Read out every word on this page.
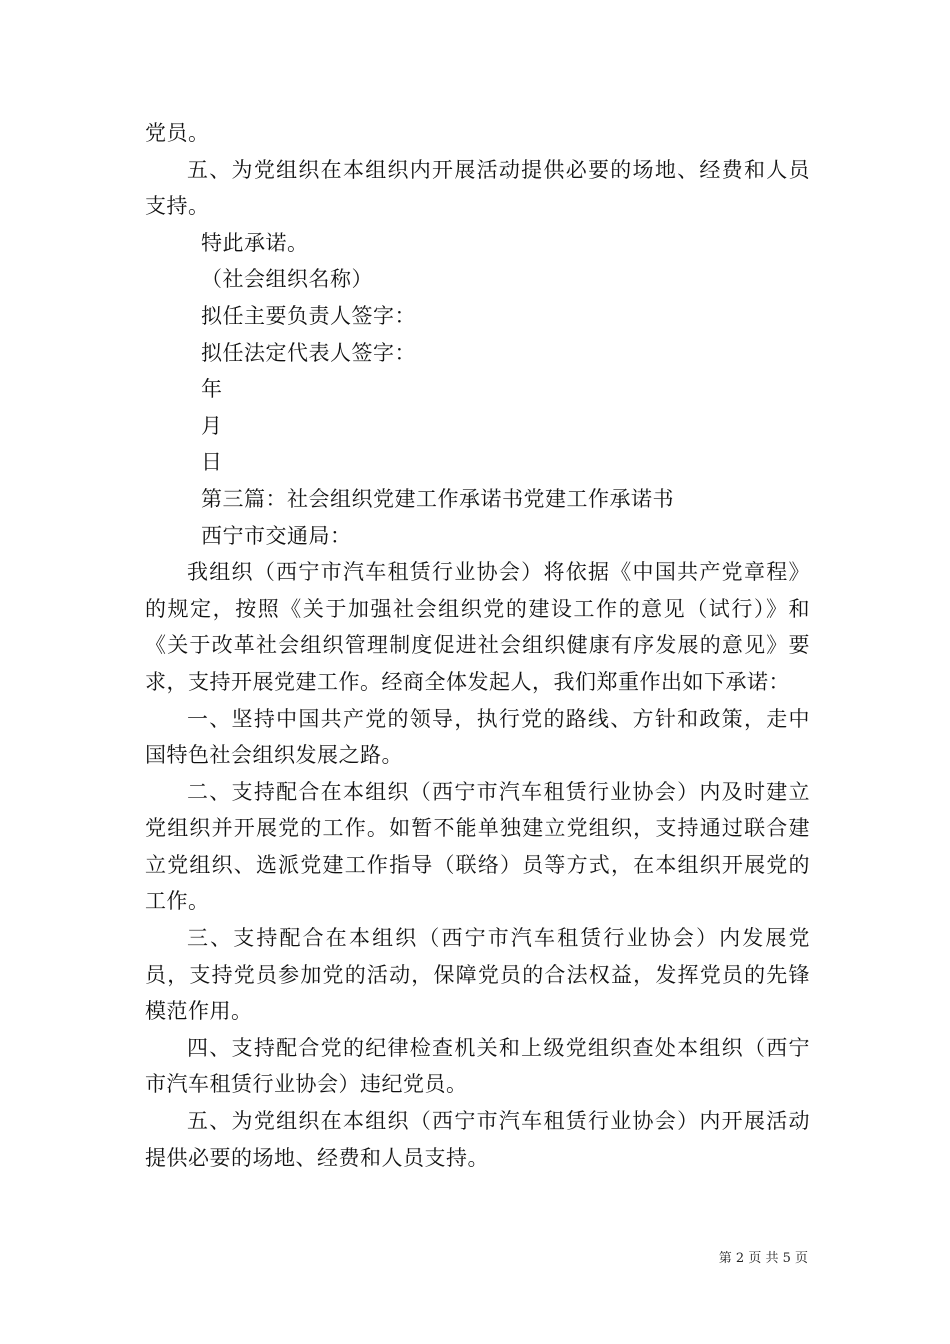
党员。

五、为党组织在本组织内开展活动提供必要的场地、经费和人员支持。

特此承诺。

（社会组织名称）

拟任主要负责人签字：

拟任法定代表人签字：

年

月

日

第三篇：社会组织党建工作承诺书党建工作承诺书

西宁市交通局：

我组织（西宁市汽车租赁行业协会）将依据《中国共产党章程》的规定，按照《关于加强社会组织党的建设工作的意见（试行）》和《关于改革社会组织管理制度促进社会组织健康有序发展的意见》要求，支持开展党建工作。经商全体发起人，我们郑重作出如下承诺：

一、坚持中国共产党的领导，执行党的路线、方针和政策，走中国特色社会组织发展之路。

二、支持配合在本组织（西宁市汽车租赁行业协会）内及时建立党组织并开展党的工作。如暂不能单独建立党组织，支持通过联合建立党组织、选派党建工作指导（联络）员等方式，在本组织开展党的工作。

三、支持配合在本组织（西宁市汽车租赁行业协会）内发展党员，支持党员参加党的活动，保障党员的合法权益，发挥党员的先锋模范作用。

四、支持配合党的纪律检查机关和上级党组织查处本组织（西宁市汽车租赁行业协会）违纪党员。

五、为党组织在本组织（西宁市汽车租赁行业协会）内开展活动提供必要的场地、经费和人员支持。

第 2 页 共 5 页
